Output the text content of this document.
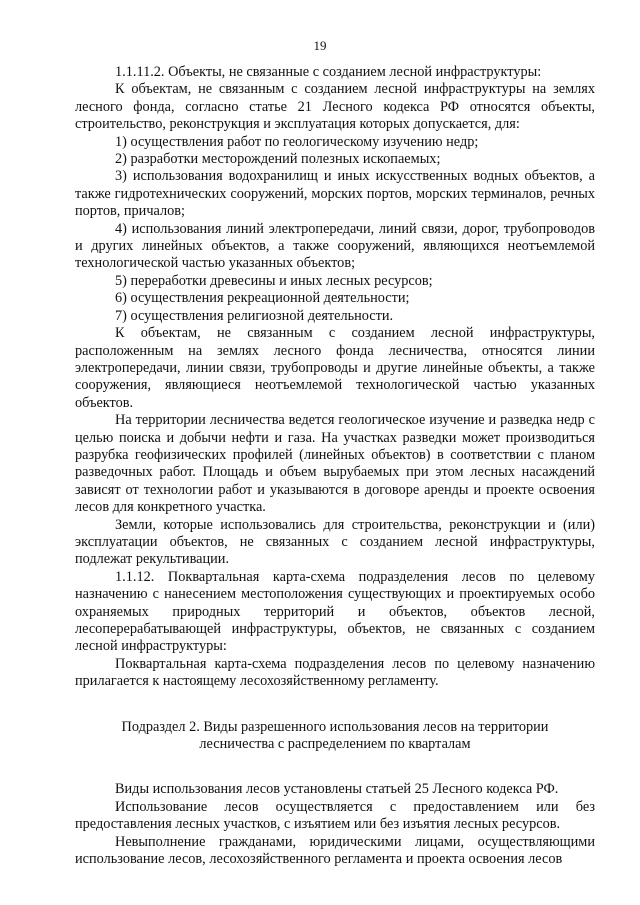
19

1.1.11.2. Объекты, не связанные с созданием лесной инфраструктуры:

К объектам, не связанным с созданием лесной инфраструктуры на землях лесного фонда, согласно статье 21 Лесного кодекса РФ относятся объекты, строительство, реконструкция и эксплуатация которых допускается, для:

1) осуществления работ по геологическому изучению недр;

2) разработки месторождений полезных ископаемых;

3) использования водохранилищ и иных искусственных водных объектов, а также гидротехнических сооружений, морских портов, морских терминалов, речных портов, причалов;

4) использования линий электропередачи, линий связи, дорог, трубопроводов и других линейных объектов, а также сооружений, являющихся неотъемлемой технологической частью указанных объектов;

5) переработки древесины и иных лесных ресурсов;

6) осуществления рекреационной деятельности;

7) осуществления религиозной деятельности.

К объектам, не связанным с созданием лесной инфраструктуры, расположенным на землях лесного фонда лесничества, относятся линии электропередачи, линии связи, трубопроводы и другие линейные объекты, а также сооружения, являющиеся неотъемлемой технологической частью указанных объектов.

На территории лесничества ведется геологическое изучение и разведка недр с целью поиска и добычи нефти и газа. На участках разведки может производиться разрубка геофизических профилей (линейных объектов) в соответствии с планом разведочных работ. Площадь и объем вырубаемых при этом лесных насаждений зависят от технологии работ и указываются в договоре аренды и проекте освоения лесов для конкретного участка.

Земли, которые использовались для строительства, реконструкции и (или) эксплуатации объектов, не связанных с созданием лесной инфраструктуры, подлежат рекультивации.

1.1.12. Поквартальная карта-схема подразделения лесов по целевому назначению с нанесением местоположения существующих и проектируемых особо охраняемых природных территорий и объектов, объектов лесной, лесоперерабатывающей инфраструктуры, объектов, не связанных с созданием лесной инфраструктуры:

Поквартальная карта-схема подразделения лесов по целевому назначению прилагается к настоящему лесохозяйственному регламенту.

Подраздел 2. Виды разрешенного использования лесов на территории лесничества с распределением по кварталам

Виды использования лесов установлены статьей 25 Лесного кодекса РФ.

Использование лесов осуществляется с предоставлением или без предоставления лесных участков, с изъятием или без изъятия лесных ресурсов.

Невыполнение гражданами, юридическими лицами, осуществляющими использование лесов, лесохозяйственного регламента и проекта освоения лесов
